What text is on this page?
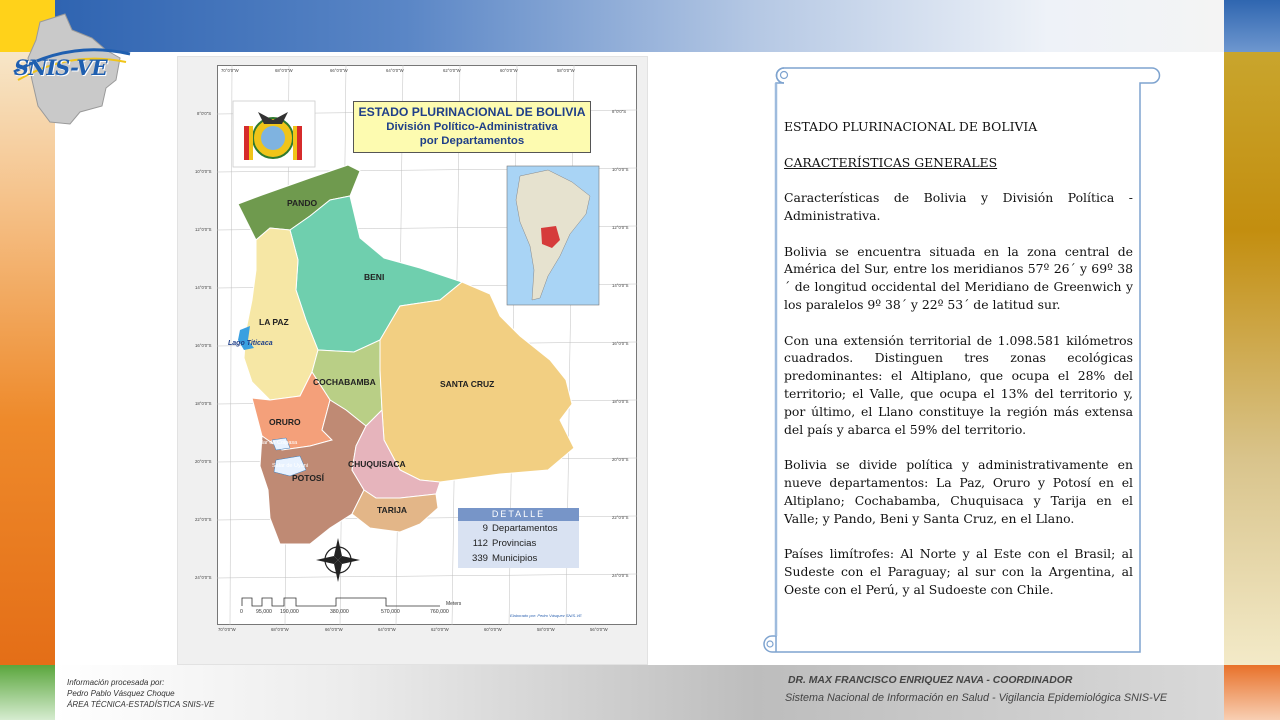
SNIS-VE
ESTADO PLURINACIONAL DE BOLIVIA
División Político-Administrativa
por Departamentos
PANDO
BENI
LA PAZ
COCHABAMBA	SANTA CRUZ
ORURO
POTOSÍ
CHUQUISACA
TARIJA
Lago Titicaca
Salar de Coipasa
Salar de Uyuni
DETALLE
9 Departamentos
112 Provincias
339 Municipios
Meters
0	95,000 190,000	380,000	570,000	760,000
Elaborado por: Pedro Vásquez SNIS-VE
70°0'0"W	68°0'0"W	66°0'0"W	64°0'0"W	62°0'0"W	60°0'0"W	58°0'0"W
70°0'0"W	68°0'0"W	66°0'0"W	64°0'0"W	62°0'0"W	60°0'0"W	58°0'0"W	56°0'0"W
8°0'0"S
10°0'0"S
12°0'0"S
14°0'0"S
16°0'0"S
18°0'0"S
20°0'0"S
22°0'0"S
24°0'0"S
8°0'0"S
10°0'0"S
12°0'0"S
14°0'0"S
16°0'0"S
18°0'0"S
20°0'0"S
22°0'0"S
24°0'0"S

ESTADO PLURINACIONAL DE BOLIVIA

CARACTERÍSTICAS GENERALES

Características de Bolivia y División Política - Administrativa.

Bolivia se encuentra situada en la zona central de América del Sur, entre los meridianos 57º 26´ y 69º 38´ de longitud occidental del Meridiano de Greenwich y los paralelos 9º 38´ y 22º 53´ de latitud sur.

Con una extensión territorial de 1.098.581 kilómetros cuadrados. Distinguen tres zonas ecológicas predominantes: el Altiplano, que ocupa el 28% del territorio; el Valle, que ocupa el 13% del territorio y, por último, el Llano constituye la región más extensa del país y abarca el 59% del territorio.

Bolivia se divide política y administrativamente en nueve departamentos: La Paz, Oruro y Potosí en el Altiplano; Cochabamba, Chuquisaca y Tarija en el Valle; y Pando, Beni y Santa Cruz, en el Llano.

Países limítrofes: Al Norte y al Este con el Brasil; al Sudeste con el Paraguay; al sur con la Argentina, al Oeste con el Perú, y al Sudoeste con Chile.

Información procesada por:
Pedro Pablo Vásquez Choque
ÁREA TÉCNICA-ESTADÍSTICA SNIS-VE
DR. MAX FRANCISCO ENRIQUEZ NAVA - COORDINADOR
Sistema Nacional de Información en Salud - Vigilancia Epidemiológica SNIS-VE
